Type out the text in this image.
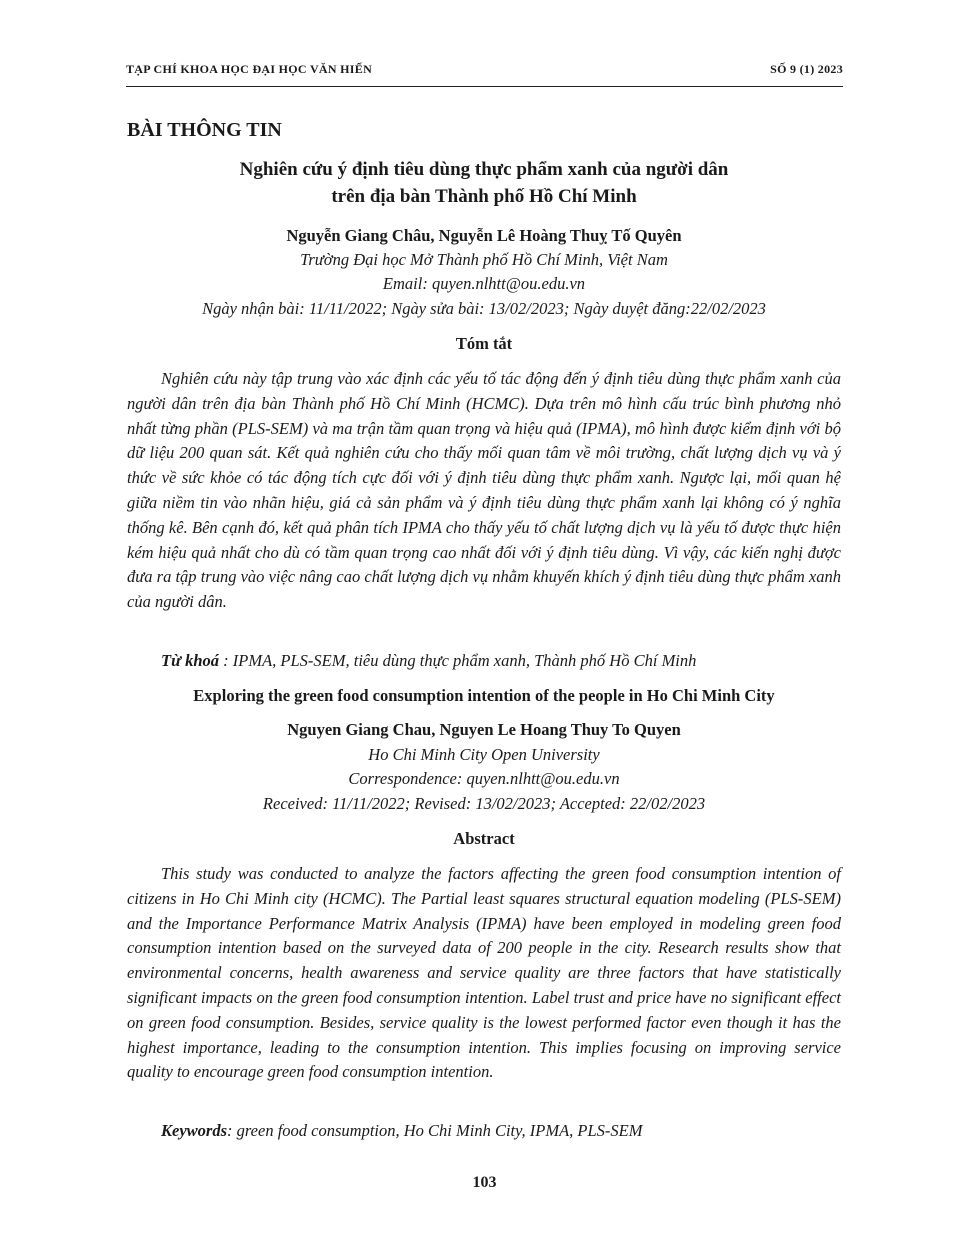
TẠP CHÍ KHOA HỌC ĐẠI HỌC VĂN HIẾN	SỐ 9 (1) 2023
BÀI THÔNG TIN
Nghiên cứu ý định tiêu dùng thực phẩm xanh của người dân
trên địa bàn Thành phố Hồ Chí Minh
Nguyễn Giang Châu, Nguyễn Lê Hoàng Thuỵ Tố Quyên
Trường Đại học Mở Thành phố Hồ Chí Minh, Việt Nam
Email: quyen.nlhtt@ou.edu.vn
Ngày nhận bài: 11/11/2022; Ngày sửa bài: 13/02/2023; Ngày duyệt đăng:22/02/2023
Tóm tắt

Nghiên cứu này tập trung vào xác định các yếu tố tác động đến ý định tiêu dùng thực phẩm xanh của người dân trên địa bàn Thành phố Hồ Chí Minh (HCMC). Dựa trên mô hình cấu trúc bình phương nhỏ nhất từng phần (PLS-SEM) và ma trận tầm quan trọng và hiệu quả (IPMA), mô hình được kiểm định với bộ dữ liệu 200 quan sát. Kết quả nghiên cứu cho thấy mối quan tâm về môi trường, chất lượng dịch vụ và ý thức về sức khỏe có tác động tích cực đối với ý định tiêu dùng thực phẩm xanh. Ngược lại, mối quan hệ giữa niềm tin vào nhãn hiệu, giá cả sản phẩm và ý định tiêu dùng thực phẩm xanh lại không có ý nghĩa thống kê. Bên cạnh đó, kết quả phân tích IPMA cho thấy yếu tố chất lượng dịch vụ là yếu tố được thực hiện kém hiệu quả nhất cho dù có tầm quan trọng cao nhất đối với ý định tiêu dùng. Vì vậy, các kiến nghị được đưa ra tập trung vào việc nâng cao chất lượng dịch vụ nhằm khuyến khích ý định tiêu dùng thực phẩm xanh của người dân.

Từ khoá : IPMA, PLS-SEM, tiêu dùng thực phẩm xanh, Thành phố Hồ Chí Minh
Exploring the green food consumption intention of the people in Ho Chi Minh City
Nguyen Giang Chau, Nguyen Le Hoang Thuy To Quyen
Ho Chi Minh City Open University
Correspondence: quyen.nlhtt@ou.edu.vn
Received: 11/11/2022; Revised: 13/02/2023; Accepted: 22/02/2023
Abstract

This study was conducted to analyze the factors affecting the green food consumption intention of citizens in Ho Chi Minh city (HCMC). The Partial least squares structural equation modeling (PLS-SEM) and the Importance Performance Matrix Analysis (IPMA) have been employed in modeling green food consumption intention based on the surveyed data of 200 people in the city. Research results show that environmental concerns, health awareness and service quality are three factors that have statistically significant impacts on the green food consumption intention. Label trust and price have no significant effect on green food consumption. Besides, service quality is the lowest performed factor even though it has the highest importance, leading to the consumption intention. This implies focusing on improving service quality to encourage green food consumption intention.

Keywords: green food consumption, Ho Chi Minh City, IPMA, PLS-SEM
103
